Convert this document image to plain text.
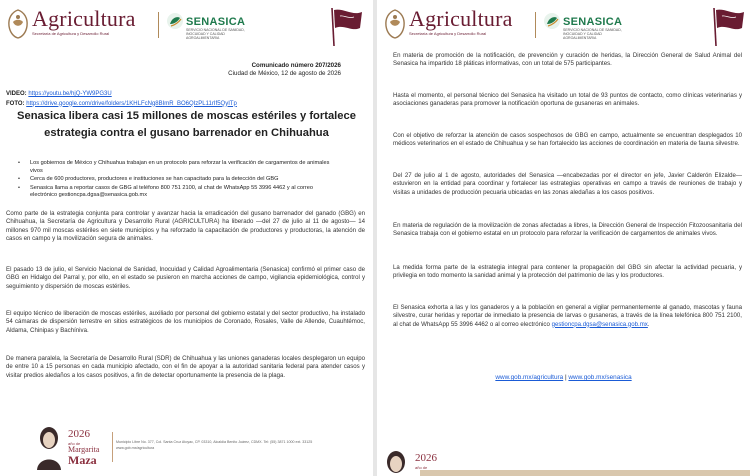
Agricultura
Secretaría de Agricultura y Desarrollo Rural
SENASICA
SERVICIO NACIONAL DE SANIDAD, INOCUIDAD Y CALIDAD AGROALIMENTARIA
Comunicado número 207/2026
Ciudad de México, 12 de agosto de 2026
VIDEO: https://youtu.be/hjQ-YW9PG3U
FOTO: https://drive.google.com/drive/folders/1KHLFcNg8BImR_BO6QIzPL11rIf5QyITp
Senasica libera casi 15 millones de moscas estériles y fortalece estrategia contra el gusano barrenador en Chihuahua
• Los gobiernos de México y Chihuahua trabajan en un protocolo para reforzar la verificación de cargamentos de animales vivos
• Cerca de 600 productores, productores e instituciones se han capacitado para la detección del GBG
• Senasica llama a reportar casos de GBG al teléfono 800 751 2100, al chat de WhatsApp 55 3996 4462 y al correo electrónico gestioncpa.dgsa@senasica.gob.mx
Como parte de la estrategia conjunta para controlar y avanzar hacia la erradicación del gusano barrenador del ganado (GBG) en Chihuahua, la Secretaría de Agricultura y Desarrollo Rural (AGRICULTURA) ha liberado —del 27 de julio al 11 de agosto— 14 millones 970 mil moscas estériles en siete municipios y ha reforzado la capacitación de productores y productoras, la atención de casos en campo y la movilización segura de animales.
El pasado 13 de julio, el Servicio Nacional de Sanidad, Inocuidad y Calidad Agroalimentaria (Senasica) confirmó el primer caso de GBG en Hidalgo del Parral y, por ello, en el estado se pusieron en marcha acciones de campo, vigilancia epidemiológica, control y seguimiento y dispersión de moscas estériles.
El equipo técnico de liberación de moscas estériles, auxiliado por personal del gobierno estatal y del sector productivo, ha instalado 54 cámaras de dispersión terrestre en sitios estratégicos de los municipios de Coronado, Rosales, Valle de Allende, Cuauhtémoc, Aldama, Chinipas y Bachíniva.
De manera paralela, la Secretaría de Desarrollo Rural (SDR) de Chihuahua y las uniones ganaderas locales desplegaron un equipo de entre 10 a 15 personas en cada municipio afectado, con el fin de apoyar a la autoridad sanitaria federal para atender casos y visitar predios aledaños a los casos positivos, a fin de detectar oportunamente la presencia de la plaga.
2026
año de
Margarita
Maza
Municipio Libre No. 377, Col. Santa Cruz Atoyac, CP. 03310, Alcaldía Benito Juárez, CDMX. Tel: (55) 3871 1000 ext. 33125
www.gob.mx/agricultura
Agricultura
Secretaría de Agricultura y Desarrollo Rural
SENASICA
SERVICIO NACIONAL DE SANIDAD, INOCUIDAD Y CALIDAD AGROALIMENTARIA
En materia de promoción de la notificación, de prevención y curación de heridas, la Dirección General de Salud Animal del Senasica ha impartido 18 pláticas informativas, con un total de 575 participantes.
Hasta el momento, el personal técnico del Senasica ha visitado un total de 93 puntos de contacto, como clínicas veterinarias y asociaciones ganaderas para promover la notificación oportuna de gusaneras en animales.
Con el objetivo de reforzar la atención de casos sospechosos de GBG en campo, actualmente se encuentran desplegados 10 médicos veterinarios en el estado de Chihuahua y se han fortalecido las acciones de coordinación en materia de fauna silvestre.
Del 27 de julio al 1 de agosto, autoridades del Senasica —encabezadas por el director en jefe, Javier Calderón Elizalde— estuvieron en la entidad para coordinar y fortalecer las estrategias operativas en campo a través de reuniones de trabajo y visitas a unidades de producción pecuaria ubicadas en las zonas aledañas a los casos positivos.
En materia de regulación de la movilización de zonas afectadas a libres, la Dirección General de Inspección Fitozoosanitaria del Senasica trabaja con el gobierno estatal en un protocolo para reforzar la verificación de cargamentos de animales vivos.
La medida forma parte de la estrategia integral para contener la propagación del GBG sin afectar la actividad pecuaria, y privilegia en todo momento la sanidad animal y la protección del patrimonio de las y los productores.
El Senasica exhorta a las y los ganaderos y a la población en general a vigilar permanentemente al ganado, mascotas y fauna silvestre, curar heridas y reportar de inmediato la presencia de larvas o gusaneras, a través de la línea telefónica 800 751 2100, al chat de WhatsApp 55 3996 4462 o al correo electrónico gestioncpa.dgsa@senasica.gob.mx.
www.gob.mx/agricultura | www.gob.mx/senasica
2026
año de
